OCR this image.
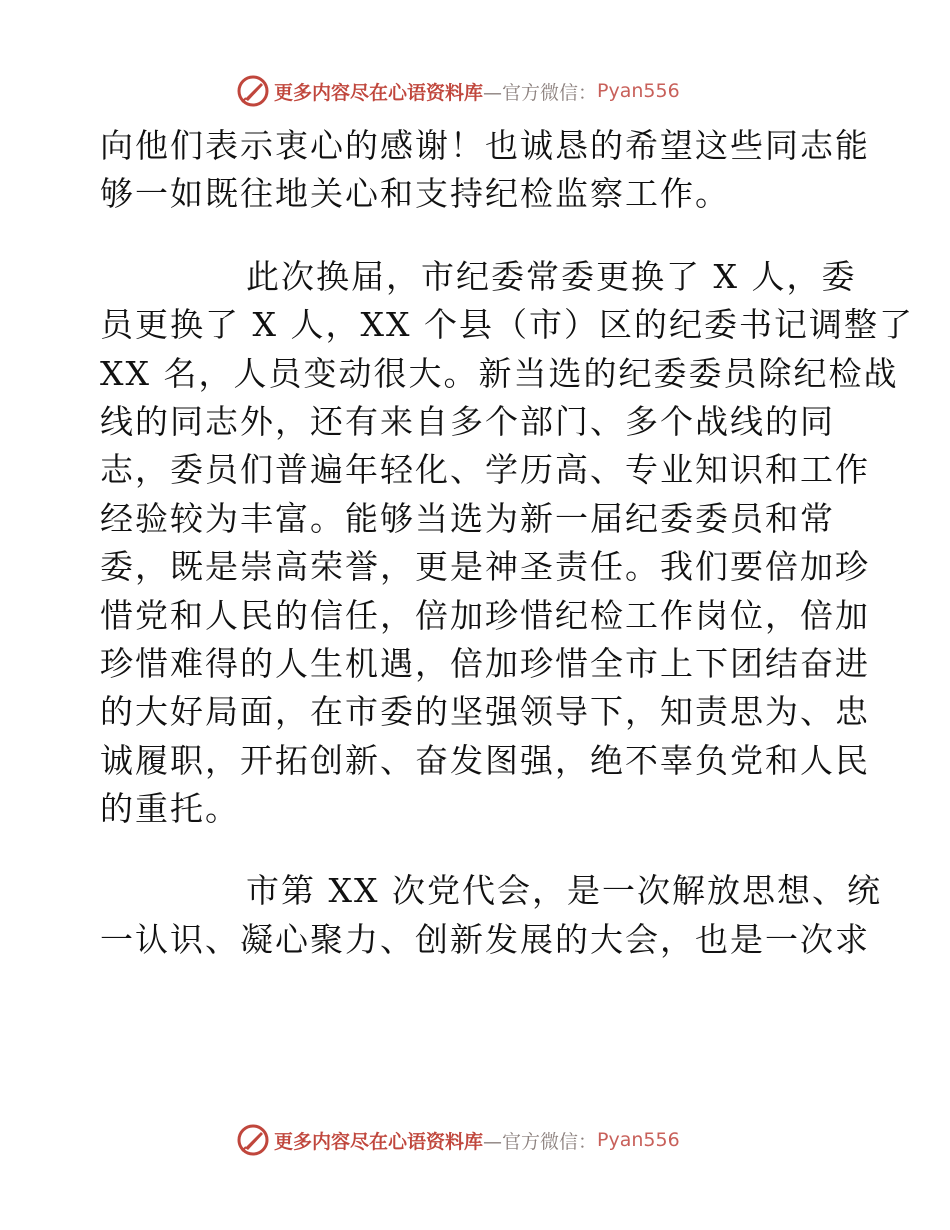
更多内容尽在心语资料库 —官方微信： Pyan556
向他们表示衷心的感谢！也诚恳的希望这些同志能
够一如既往地关心和支持纪检监察工作。
此次换届，市纪委常委更换了 X 人，委
员更换了 X 人，XX 个县（市）区的纪委书记调整了
XX 名，人员变动很大。新当选的纪委委员除纪检战
线的同志外，还有来自多个部门、多个战线的同
志，委员们普遍年轻化、学历高、专业知识和工作
经验较为丰富。能够当选为新一届纪委委员和常
委，既是崇高荣誉，更是神圣责任。我们要倍加珍
惜党和人民的信任，倍加珍惜纪检工作岗位，倍加
珍惜难得的人生机遇，倍加珍惜全市上下团结奋进
的大好局面，在市委的坚强领导下，知责思为、忠
诚履职，开拓创新、奋发图强，绝不辜负党和人民
的重托。
市第 XX 次党代会，是一次解放思想、统
一认识、凝心聚力、创新发展的大会，也是一次求
更多内容尽在心语资料库 —官方微信： Pyan556
